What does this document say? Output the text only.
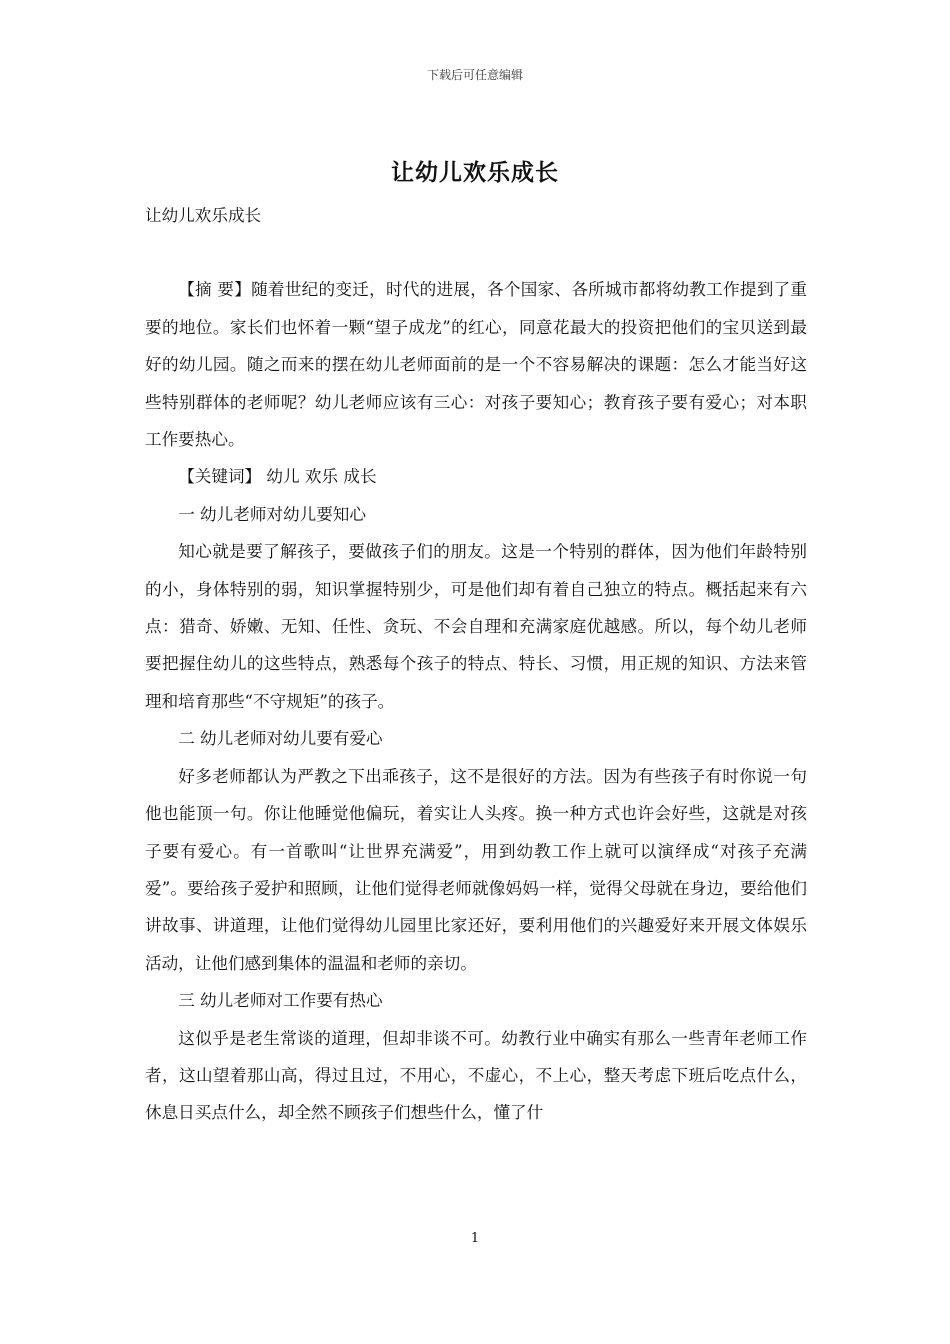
下载后可任意编辑
让幼儿欢乐成长

让幼儿欢乐成长

【摘 要】随着世纪的变迁，时代的进展，各个国家、各所城市都将幼教工作提到了重要的地位。家长们也怀着一颗“望子成龙”的红心，同意花最大的投资把他们的宝贝送到最好的幼儿园。随之而来的摆在幼儿老师面前的是一个不容易解决的课题：怎么才能当好这些特别群体的老师呢？幼儿老师应该有三心：对孩子要知心；教育孩子要有爱心；对本职工作要热心。

【关键词】 幼儿 欢乐 成长

一 幼儿老师对幼儿要知心

知心就是要了解孩子，要做孩子们的朋友。这是一个特别的群体，因为他们年龄特别的小，身体特别的弱，知识掌握特别少，可是他们却有着自己独立的特点。概括起来有六点：猎奇、娇嫩、无知、任性、贪玩、不会自理和充满家庭优越感。所以，每个幼儿老师要把握住幼儿的这些特点，熟悉每个孩子的特点、特长、习惯，用正规的知识、方法来管理和培育那些“不守规矩”的孩子。

二 幼儿老师对幼儿要有爱心

好多老师都认为严教之下出乖孩子，这不是很好的方法。因为有些孩子有时你说一句他也能顶一句。你让他睡觉他偏玩，着实让人头疼。换一种方式也许会好些，这就是对孩子要有爱心。有一首歌叫“让世界充满爱”，用到幼教工作上就可以演绎成“对孩子充满爱”。要给孩子爱护和照顾，让他们觉得老师就像妈妈一样，觉得父母就在身边，要给他们讲故事、讲道理，让他们觉得幼儿园里比家还好，要利用他们的兴趣爱好来开展文体娱乐活动，让他们感到集体的温温和老师的亲切。

三 幼儿老师对工作要有热心

这似乎是老生常谈的道理，但却非谈不可。幼教行业中确实有那么一些青年老师工作者，这山望着那山高，得过且过，不用心，不虚心，不上心，整天考虑下班后吃点什么，休息日买点什么，却全然不顾孩子们想些什么，懂了什

1
